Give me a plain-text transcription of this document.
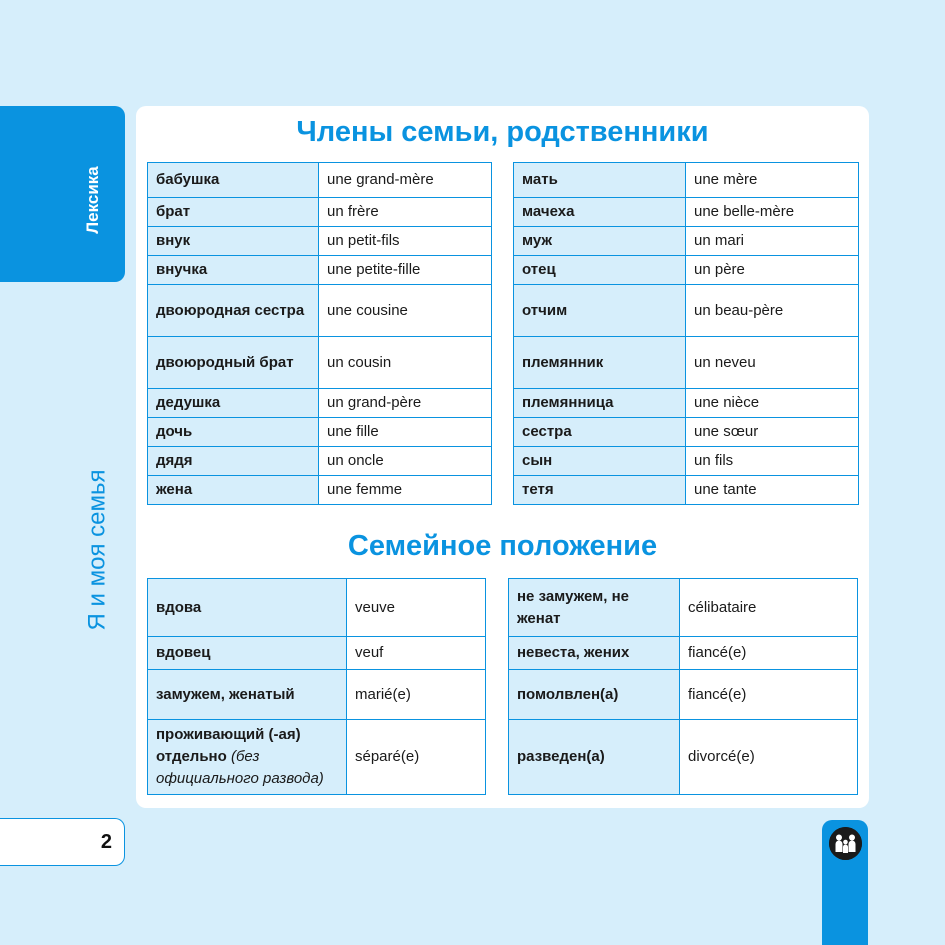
Лексика
Я и моя семья
2
Члены семьи, родственники
бабушка	une grand-mère
брат	un frère
внук	un petit-fils
внучка	une petite-fille
двоюродная сестра	une cousine
двоюродный брат	un cousin
дедушка	un grand-père
дочь	une fille
дядя	un oncle
жена	une femme
мать	une mère
мачеха	une belle-mère
муж	un mari
отец	un père
отчим	un beau-père
племянник	un neveu
племянница	une nièce
сестра	une sœur
сын	un fils
тетя	une tante
Семейное положение
вдова	veuve
вдовец	veuf
замужем, женатый	marié(e)
проживающий (-ая) отдельно (без официального развода)	séparé(e)
не замужем, не женат	célibataire
невеста, жених	fiancé(e)
помолвлен(а)	fiancé(e)
разведен(а)	divorcé(e)
